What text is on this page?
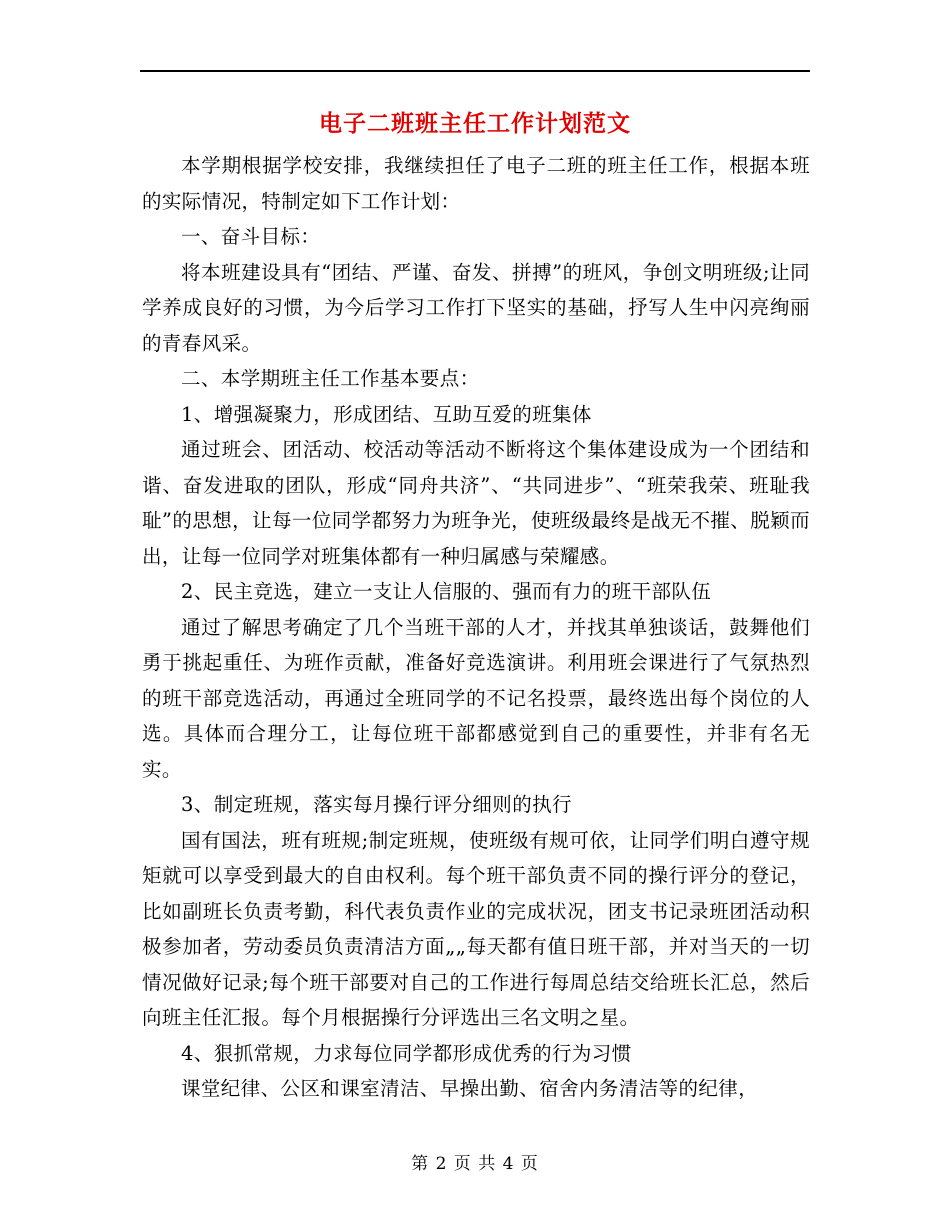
电子二班班主任工作计划范文

本学期根据学校安排，我继续担任了电子二班的班主任工作，根据本班的实际情况，特制定如下工作计划：

一、奋斗目标：

将本班建设具有“团结、严谨、奋发、拼搏”的班风，争创文明班级;让同学养成良好的习惯，为今后学习工作打下坚实的基础，抒写人生中闪亮绚丽的青春风采。

二、本学期班主任工作基本要点：

1、增强凝聚力，形成团结、互助互爱的班集体

通过班会、团活动、校活动等活动不断将这个集体建设成为一个团结和谐、奋发进取的团队，形成“同舟共济”、“共同进步”、“班荣我荣、班耻我耻”的思想，让每一位同学都努力为班争光，使班级最终是战无不摧、脱颖而出，让每一位同学对班集体都有一种归属感与荣耀感。

2、民主竞选，建立一支让人信服的、强而有力的班干部队伍

通过了解思考确定了几个当班干部的人才，并找其单独谈话，鼓舞他们勇于挑起重任、为班作贡献，准备好竞选演讲。利用班会课进行了气氛热烈的班干部竞选活动，再通过全班同学的不记名投票，最终选出每个岗位的人选。具体而合理分工，让每位班干部都感觉到自己的重要性，并非有名无实。

3、制定班规，落实每月操行评分细则的执行

国有国法，班有班规;制定班规，使班级有规可依，让同学们明白遵守规矩就可以享受到最大的自由权利。每个班干部负责不同的操行评分的登记，比如副班长负责考勤，科代表负责作业的完成状况，团支书记录班团活动积极参加者，劳动委员负责清洁方面„„每天都有值日班干部，并对当天的一切情况做好记录;每个班干部要对自己的工作进行每周总结交给班长汇总，然后向班主任汇报。每个月根据操行分评选出三名文明之星。

4、狠抓常规，力求每位同学都形成优秀的行为习惯

课堂纪律、公区和课室清洁、早操出勤、宿舍内务清洁等的纪律，

第 2 页 共 4 页
